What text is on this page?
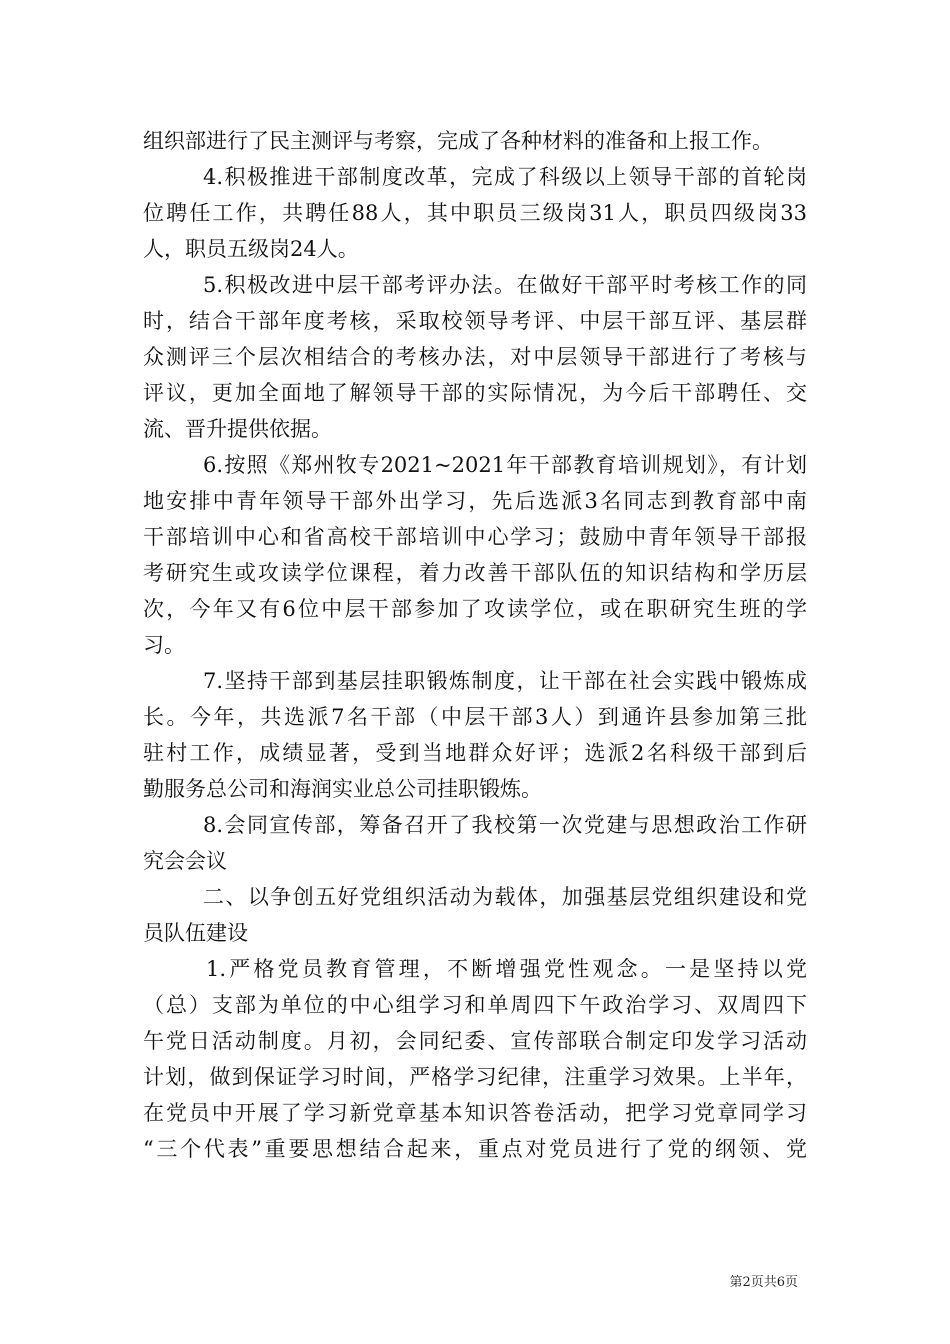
组织部进行了民主测评与考察，完成了各种材料的准备和上报工作。
4.积极推进干部制度改革，完成了科级以上领导干部的首轮岗
位聘任工作，共聘任88人，其中职员三级岗31人，职员四级岗33
人，职员五级岗24人。
5.积极改进中层干部考评办法。在做好干部平时考核工作的同
时，结合干部年度考核，采取校领导考评、中层干部互评、基层群
众测评三个层次相结合的考核办法，对中层领导干部进行了考核与
评议，更加全面地了解领导干部的实际情况，为今后干部聘任、交
流、晋升提供依据。
6.按照《郑州牧专2021~2021年干部教育培训规划》，有计划
地安排中青年领导干部外出学习，先后选派3名同志到教育部中南
干部培训中心和省高校干部培训中心学习；鼓励中青年领导干部报
考研究生或攻读学位课程，着力改善干部队伍的知识结构和学历层
次，今年又有6位中层干部参加了攻读学位，或在职研究生班的学
习。
7.坚持干部到基层挂职锻炼制度，让干部在社会实践中锻炼成
长。今年，共选派7名干部（中层干部3人）到通许县参加第三批
驻村工作，成绩显著，受到当地群众好评；选派2名科级干部到后
勤服务总公司和海润实业总公司挂职锻炼。
8.会同宣传部，筹备召开了我校第一次党建与思想政治工作研
究会会议
二、以争创五好党组织活动为载体，加强基层党组织建设和党
员队伍建设
1.严格党员教育管理，不断增强党性观念。一是坚持以党
（总）支部为单位的中心组学习和单周四下午政治学习、双周四下
午党日活动制度。月初，会同纪委、宣传部联合制定印发学习活动
计划，做到保证学习时间，严格学习纪律，注重学习效果。上半年，
在党员中开展了学习新党章基本知识答卷活动，把学习党章同学习
“三个代表”重要思想结合起来，重点对党员进行了党的纲领、党
第2页共6页
